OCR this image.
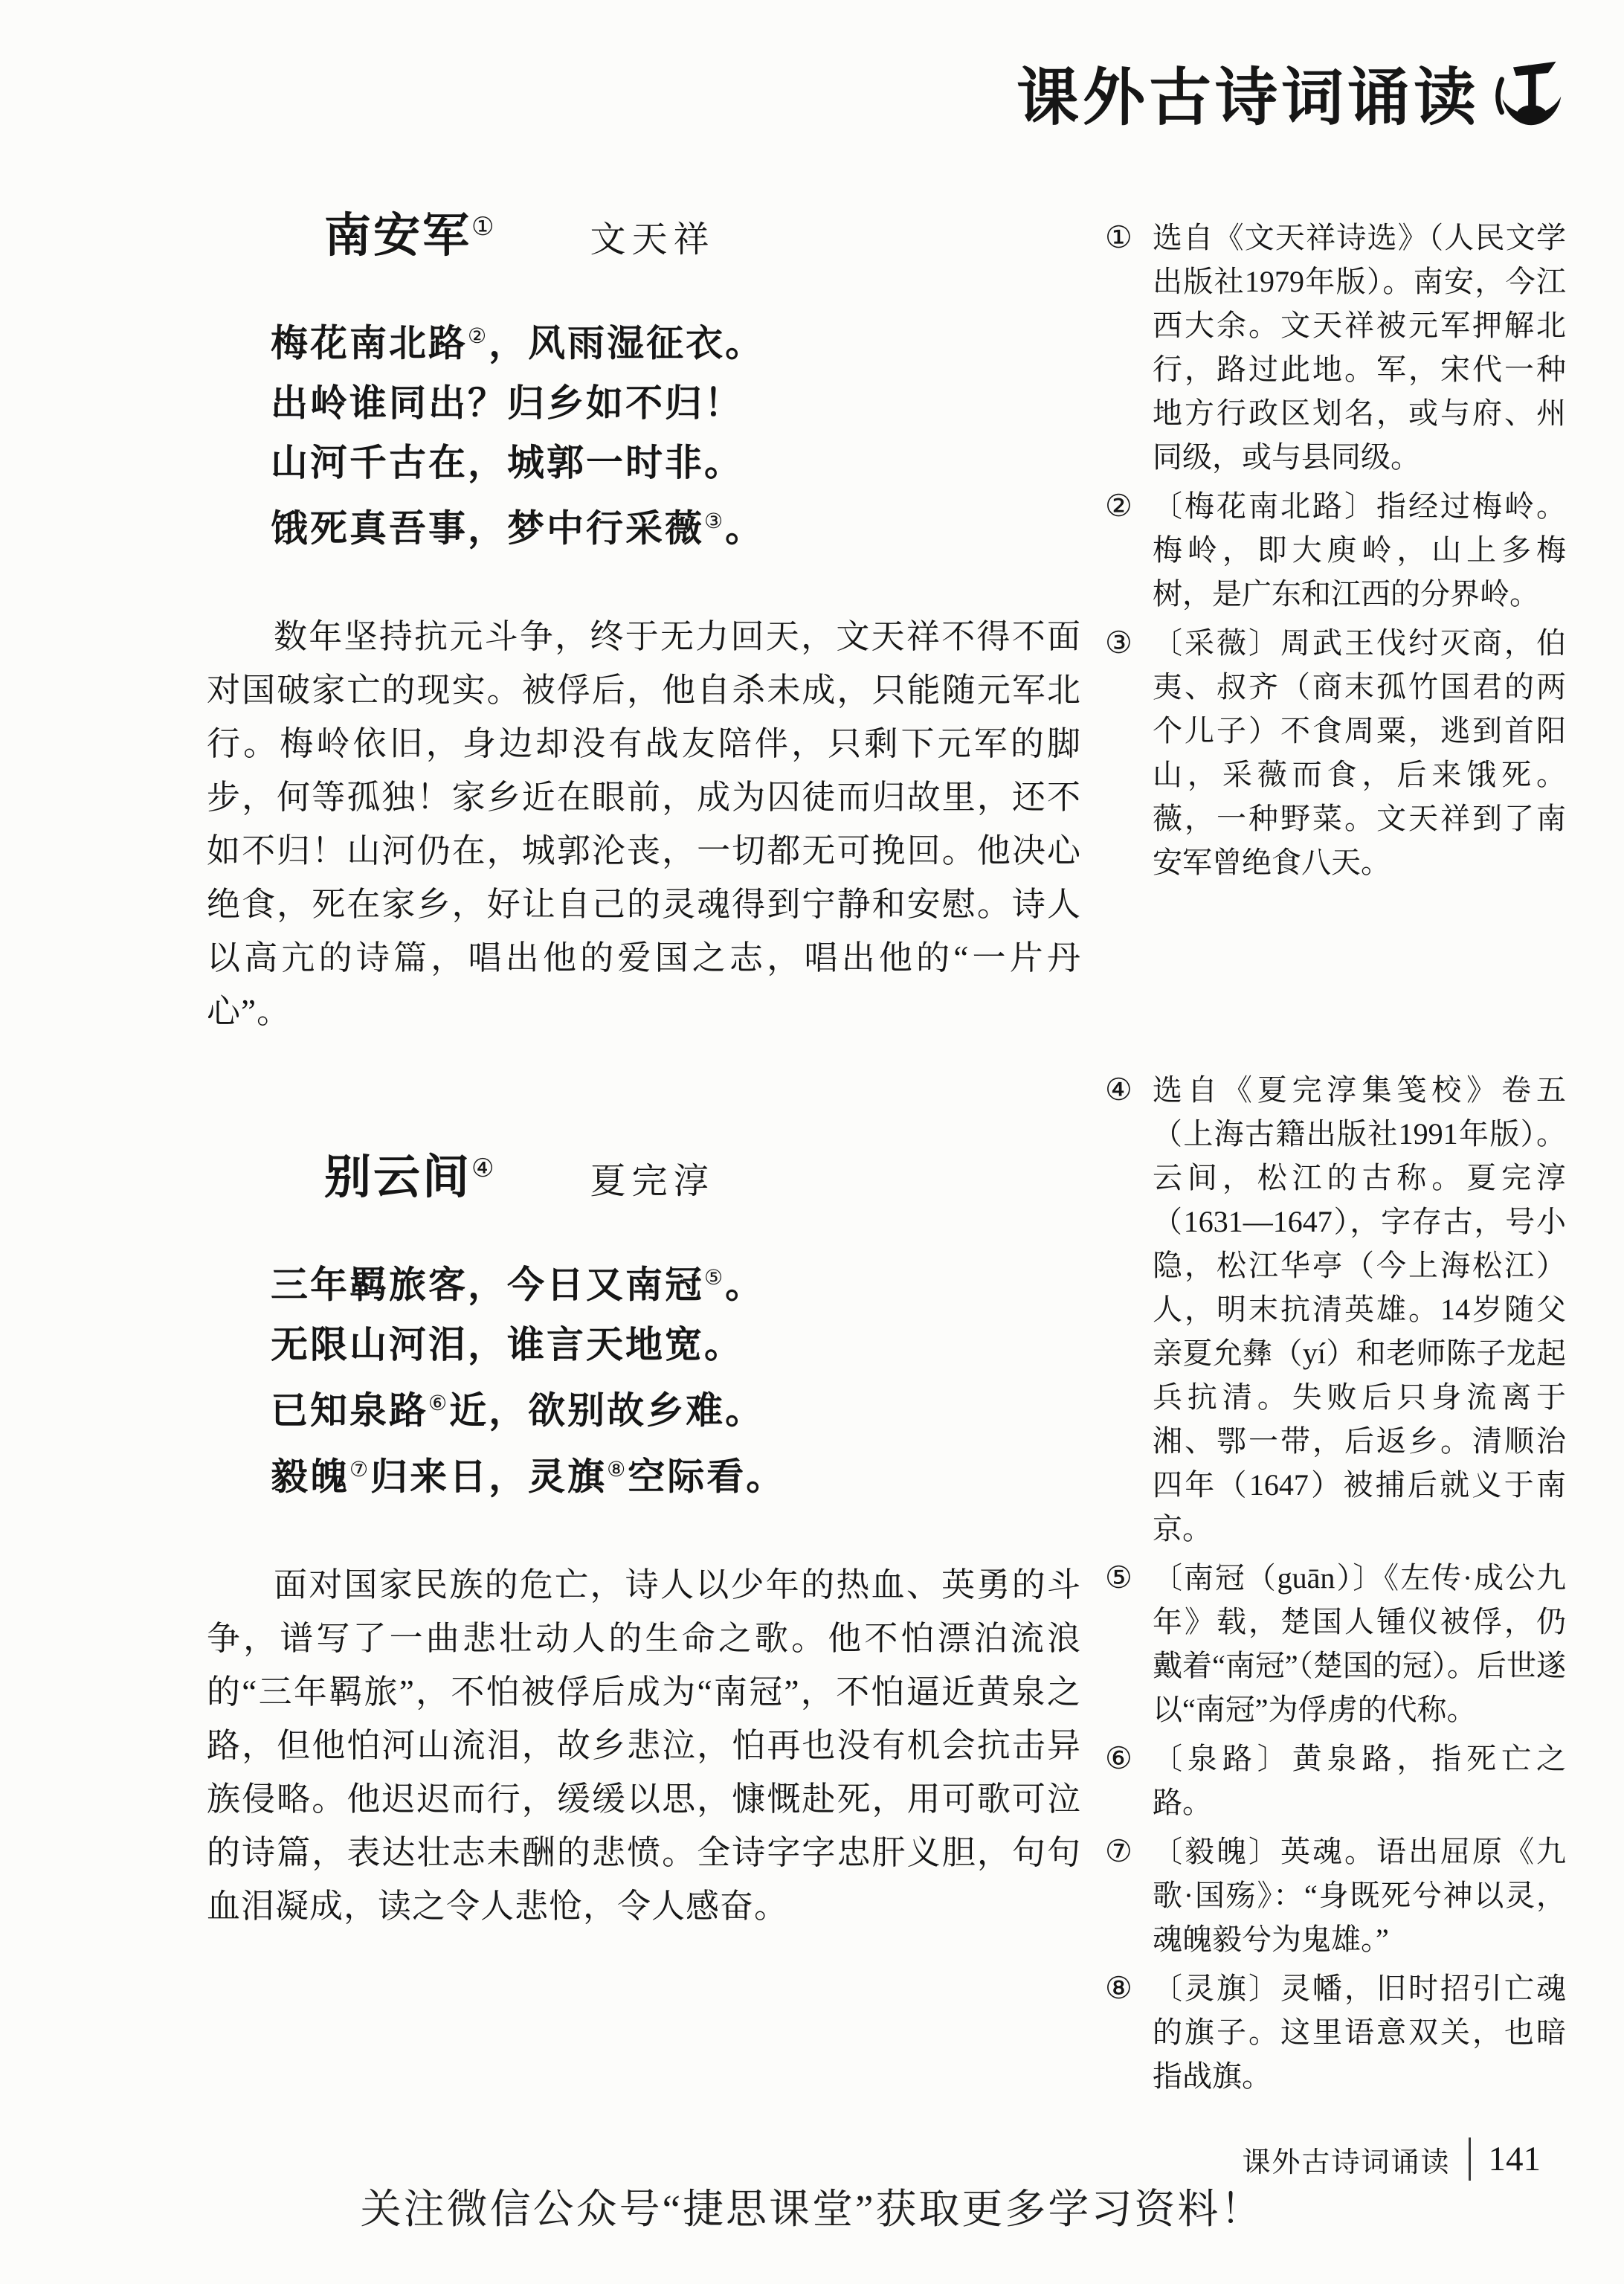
课外古诗词诵读
南安军①	文天祥
梅花南北路②，风雨湿征衣。
出岭谁同出？归乡如不归！
山河千古在，城郭一时非。
饿死真吾事，梦中行采薇③。

数年坚持抗元斗争，终于无力回天，文天祥不得不面对国破家亡的现实。被俘后，他自杀未成，只能随元军北行。梅岭依旧，身边却没有战友陪伴，只剩下元军的脚步，何等孤独！家乡近在眼前，成为囚徒而归故里，还不如不归！山河仍在，城郭沦丧，一切都无可挽回。他决心绝食，死在家乡，好让自己的灵魂得到宁静和安慰。诗人以高亢的诗篇，唱出他的爱国之志，唱出他的“一片丹心”。

别云间④	夏完淳
三年羁旅客，今日又南冠⑤。
无限山河泪，谁言天地宽。
已知泉路⑥近，欲别故乡难。
毅魄⑦归来日，灵旗⑧空际看。

面对国家民族的危亡，诗人以少年的热血、英勇的斗争，谱写了一曲悲壮动人的生命之歌。他不怕漂泊流浪的“三年羁旅”，不怕被俘后成为“南冠”，不怕逼近黄泉之路，但他怕河山流泪，故乡悲泣，怕再也没有机会抗击异族侵略。他迟迟而行，缓缓以思，慷慨赴死，用可歌可泣的诗篇，表达壮志未酬的悲愤。全诗字字忠肝义胆，句句血泪凝成，读之令人悲怆，令人感奋。

① 选自《文天祥诗选》（人民文学出版社1979年版）。南安，今江西大余。文天祥被元军押解北行，路过此地。军，宋代一种地方行政区划名，或与府、州同级，或与县同级。
② 〔梅花南北路〕指经过梅岭。梅岭，即大庾岭，山上多梅树，是广东和江西的分界岭。
③ 〔采薇〕周武王伐纣灭商，伯夷、叔齐（商末孤竹国君的两个儿子）不食周粟，逃到首阳山，采薇而食，后来饿死。薇，一种野菜。文天祥到了南安军曾绝食八天。
④ 选自《夏完淳集笺校》卷五（上海古籍出版社1991年版）。云间，松江的古称。夏完淳（1631—1647），字存古，号小隐，松江华亭（今上海松江）人，明末抗清英雄。14岁随父亲夏允彝（yí）和老师陈子龙起兵抗清。失败后只身流离于湘、鄂一带，后返乡。清顺治四年（1647）被捕后就义于南京。
⑤ 〔南冠（guān）〕《左传·成公九年》载，楚国人锺仪被俘，仍戴着“南冠”（楚国的冠）。后世遂以“南冠”为俘虏的代称。
⑥ 〔泉路〕黄泉路，指死亡之路。
⑦ 〔毅魄〕英魂。语出屈原《九歌·国殇》：“身既死兮神以灵，魂魄毅兮为鬼雄。”
⑧ 〔灵旗〕灵幡，旧时招引亡魂的旗子。这里语意双关，也暗指战旗。
课外古诗词诵读 141
关注微信公众号“捷思课堂”获取更多学习资料！
